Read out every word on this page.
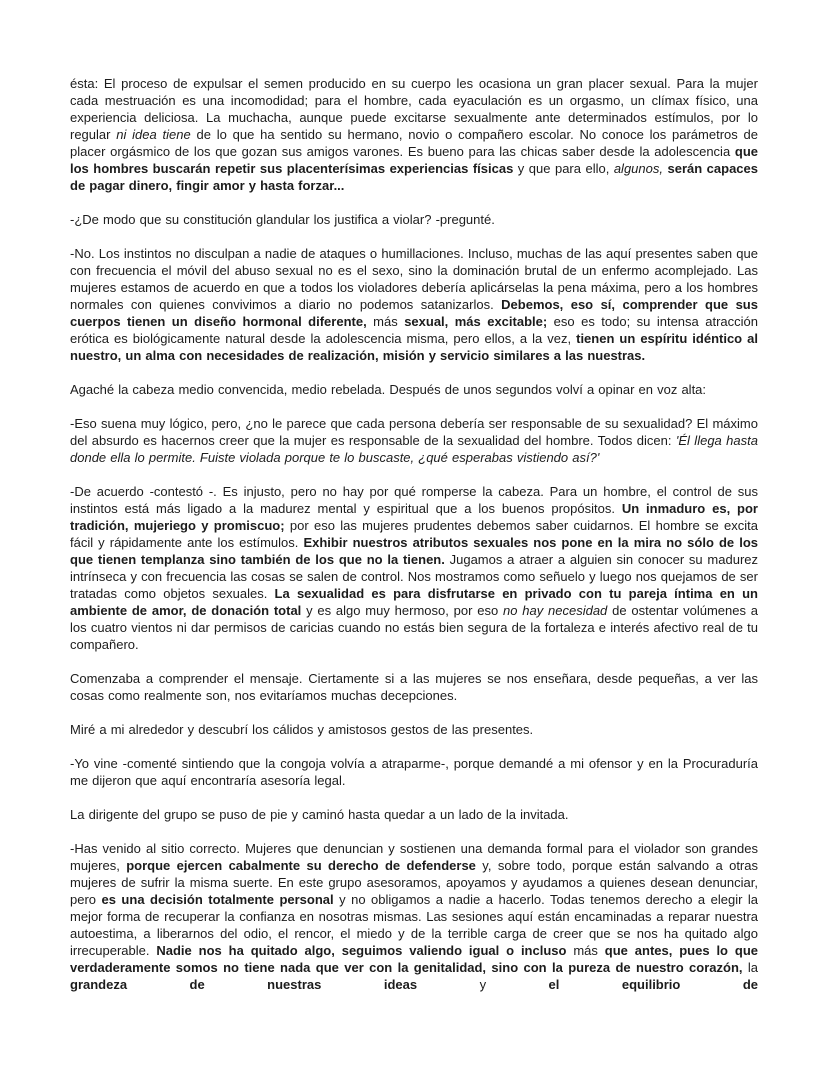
ésta: El proceso de expulsar el semen producido en su cuerpo les ocasiona un gran placer sexual. Para la mujer cada mestruación es una incomodidad; para el hombre, cada eyaculación es un orgasmo, un clímax físico, una experiencia deliciosa. La muchacha, aunque puede excitarse sexualmente ante determinados estímulos, por lo regular ni idea tiene de lo que ha sentido su hermano, novio o compañero escolar. No conoce los parámetros de placer orgásmico de los que gozan sus amigos varones. Es bueno para las chicas saber desde la adolescencia que los hombres buscarán repetir sus placenterísimas experiencias físicas y que para ello, algunos, serán capaces de pagar dinero, fingir amor y hasta forzar...

-¿De modo que su constitución glandular los justifica a violar? -pregunté.

-No. Los instintos no disculpan a nadie de ataques o humillaciones. Incluso, muchas de las aquí presentes saben que con frecuencia el móvil del abuso sexual no es el sexo, sino la dominación brutal de un enfermo acomplejado. Las mujeres estamos de acuerdo en que a todos los violadores debería aplicárselas la pena máxima, pero a los hombres normales con quienes convivimos a diario no podemos satanizarlos. Debemos, eso sí, comprender que sus cuerpos tienen un diseño hormonal diferente, más sexual, más excitable; eso es todo; su intensa atracción erótica es biológicamente natural desde la adolescencia misma, pero ellos, a la vez, tienen un espíritu idéntico al nuestro, un alma con necesidades de realización, misión y servicio similares a las nuestras.

Agaché la cabeza medio convencida, medio rebelada. Después de unos segundos volví a opinar en voz alta:

-Eso suena muy lógico, pero, ¿no le parece que cada persona debería ser responsable de su sexualidad? El máximo del absurdo es hacernos creer que la mujer es responsable de la sexualidad del hombre. Todos dicen: 'Él llega hasta donde ella lo permite. Fuiste violada porque te lo buscaste, ¿qué esperabas vistiendo así?'

-De acuerdo -contestó -. Es injusto, pero no hay por qué romperse la cabeza. Para un hombre, el control de sus instintos está más ligado a la madurez mental y espiritual que a los buenos propósitos. Un inmaduro es, por tradición, mujeriego y promiscuo; por eso las mujeres prudentes debemos saber cuidarnos. El hombre se excita fácil y rápidamente ante los estímulos. Exhibir nuestros atributos sexuales nos pone en la mira no sólo de los que tienen templanza sino también de los que no la tienen. Jugamos a atraer a alguien sin conocer su madurez intrínseca y con frecuencia las cosas se salen de control. Nos mostramos como señuelo y luego nos quejamos de ser tratadas como objetos sexuales. La sexualidad es para disfrutarse en privado con tu pareja íntima en un ambiente de amor, de donación total y es algo muy hermoso, por eso no hay necesidad de ostentar volúmenes a los cuatro vientos ni dar permisos de caricias cuando no estás bien segura de la fortaleza e interés afectivo real de tu compañero.

Comenzaba a comprender el mensaje. Ciertamente si a las mujeres se nos enseñara, desde pequeñas, a ver las cosas como realmente son, nos evitaríamos muchas decepciones.

Miré a mi alrededor y descubrí los cálidos y amistosos gestos de las presentes.

-Yo vine -comenté sintiendo que la congoja volvía a atraparme-, porque demandé a mi ofensor y en la Procuraduría me dijeron que aquí encontraría asesoría legal.

La dirigente del grupo se puso de pie y caminó hasta quedar a un lado de la invitada.

-Has venido al sitio correcto. Mujeres que denuncian y sostienen una demanda formal para el violador son grandes mujeres, porque ejercen cabalmente su derecho de defenderse y, sobre todo, porque están salvando a otras mujeres de sufrir la misma suerte. En este grupo asesoramos, apoyamos y ayudamos a quienes desean denunciar, pero es una decisión totalmente personal y no obligamos a nadie a hacerlo. Todas tenemos derecho a elegir la mejor forma de recuperar la confianza en nosotras mismas. Las sesiones aquí están encaminadas a reparar nuestra autoestima, a liberarnos del odio, el rencor, el miedo y de la terrible carga de creer que se nos ha quitado algo irrecuperable. Nadie nos ha quitado algo, seguimos valiendo igual o incluso más que antes, pues lo que verdaderamente somos no tiene nada que ver con la genitalidad, sino con la pureza de nuestro corazón, la grandeza de nuestras ideas y el equilibrio de
